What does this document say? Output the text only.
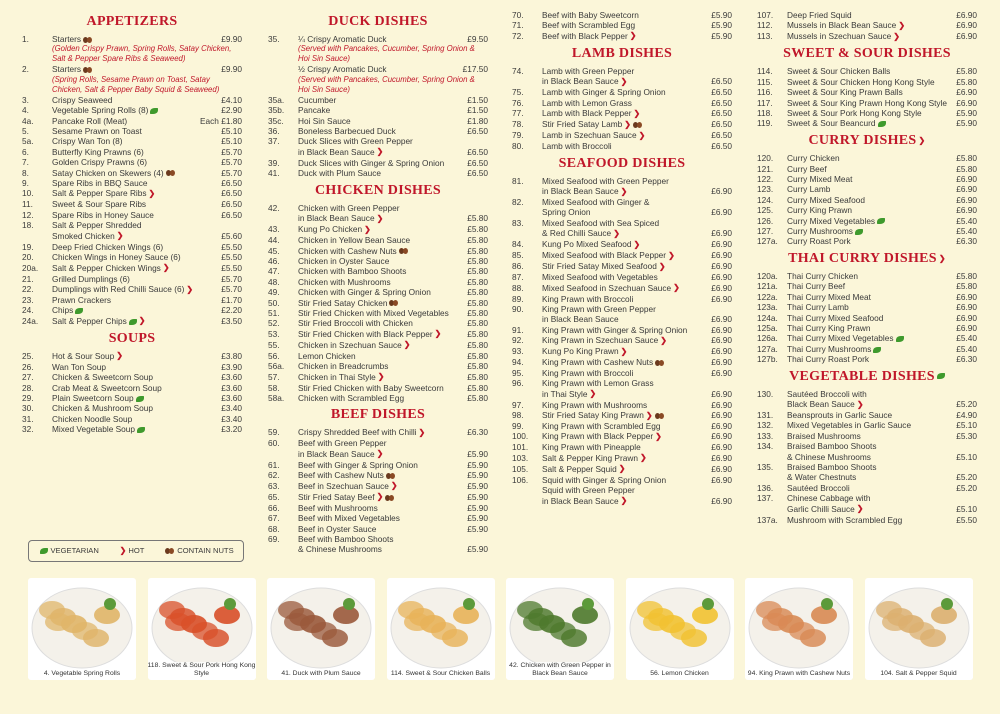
APPETIZERS
1.	Starters	£9.90
(Golden Crispy Prawn, Spring Rolls, Satay Chicken, Salt & Pepper Spare Ribs & Seaweed)
2.	Starters	£9.90
(Spring Rolls, Sesame Prawn on Toast, Satay Chicken, Salt & Pepper Baby Squid & Seaweed)
3.	Crispy Seaweed	£4.10
4.	Vegetable Spring Rolls (8)	£2.90
4a.	Pancake Roll (Meat)	Each £1.80
5.	Sesame Prawn on Toast	£5.10
5a.	Crispy Wan Ton (8)	£5.10
6.	Butterfly King Prawns (6)	£5.70
7.	Golden Crispy Prawns (6)	£5.70
8.	Satay Chicken on Skewers (4)	£5.70
9.	Spare Ribs in BBQ Sauce	£6.50
10.	Salt & Pepper Spare Ribs ❯	£6.50
11.	Sweet & Sour Spare Ribs	£6.50
12.	Spare Ribs in Honey Sauce	£6.50
18.	Salt & Pepper Shredded
Smoked Chicken ❯	£5.60
19.	Deep Fried Chicken Wings (6)	£5.50
20.	Chicken Wings in Honey Sauce (6)	£5.50
20a.	Salt & Pepper Chicken Wings ❯	£5.50
21.	Grilled Dumplings (6)	£5.70
22.	Dumplings with Red Chilli Sauce (6) ❯	£5.70
23.	Prawn Crackers	£1.70
24.	Chips	£2.20
24a.	Salt & Pepper Chips ❯	£3.50
SOUPS
25.	Hot & Sour Soup ❯	£3.80
26.	Wan Ton Soup	£3.90
27.	Chicken & Sweetcorn Soup	£3.60
28.	Crab Meat & Sweetcorn Soup	£3.60
29.	Plain Sweetcorn Soup	£3.60
30.	Chicken & Mushroom Soup	£3.40
31.	Chicken Noodle Soup	£3.40
32.	Mixed Vegetable Soup	£3.20
DUCK DISHES
35.	¼ Crispy Aromatic Duck	£9.50
(Served with Pancakes, Cucumber, Spring Onion & Hoi Sin Sauce)
½ Crispy Aromatic Duck	£17.50
(Served with Pancakes, Cucumber, Spring Onion & Hoi Sin Sauce)
35a.	Cucumber	£1.50
35b.	Pancake	£1.50
35c.	Hoi Sin Sauce	£1.80
36.	Boneless Barbecued Duck	£6.50
37.	Duck Slices with Green Pepper
in Black Bean Sauce ❯	£6.50
39.	Duck Slices with Ginger & Spring Onion	£6.50
41.	Duck with Plum Sauce	£6.50
CHICKEN DISHES
42.	Chicken with Green Pepper
in Black Bean Sauce ❯	£5.80
43.	Kung Po Chicken ❯	£5.80
44.	Chicken in Yellow Bean Sauce	£5.80
45.	Chicken with Cashew Nuts	£5.80
46.	Chicken in Oyster Sauce	£5.80
47.	Chicken with Bamboo Shoots	£5.80
48.	Chicken with Mushrooms	£5.80
49.	Chicken with Ginger & Spring Onion	£5.80
50.	Stir Fried Satay Chicken	£5.80
51.	Stir Fried Chicken with Mixed Vegetables £5.80
52.	Stir Fried Broccoli with Chicken	£5.80
53.	Stir Fried Chicken with Black Pepper ❯	£5.80
55.	Chicken in Szechuan Sauce ❯	£5.80
56.	Lemon Chicken	£5.80
56a.	Chicken in Breadcrumbs	£5.80
57.	Chicken in Thai Style ❯	£5.80
58.	Stir Fried Chicken with Baby Sweetcorn	£5.80
58a.	Chicken with Scrambled Egg	£5.80
BEEF DISHES
59.	Crispy Shredded Beef with Chilli ❯	£6.30
60.	Beef with Green Pepper
in Black Bean Sauce ❯	£5.90
61.	Beef with Ginger & Spring Onion	£5.90
62.	Beef with Cashew Nuts	£5.90
63.	Beef in Szechuan Sauce ❯	£5.90
65.	Stir Fried Satay Beef ❯	£5.90
66.	Beef with Mushrooms	£5.90
67.	Beef with Mixed Vegetables	£5.90
68.	Beef in Oyster Sauce	£5.90
69.	Beef with Bamboo Shoots
& Chinese Mushrooms	£5.90
70.	Beef with Baby Sweetcorn	£5.90
71.	Beef with Scrambled Egg	£5.90
72.	Beef with Black Pepper ❯	£5.90
LAMB DISHES
74.	Lamb with Green Pepper
in Black Bean Sauce ❯	£6.50
75.	Lamb with Ginger & Spring Onion	£6.50
76.	Lamb with Lemon Grass	£6.50
77.	Lamb with Black Pepper ❯	£6.50
78.	Stir Fried Satay Lamb ❯	£6.50
79.	Lamb in Szechuan Sauce ❯	£6.50
80.	Lamb with Broccoli	£6.50
SEAFOOD DISHES
81.	Mixed Seafood with Green Pepper
in Black Bean Sauce ❯	£6.90
82.	Mixed Seafood with Ginger &
Spring Onion	£6.90
83.	Mixed Seafood with Sea Spiced
& Red Chilli Sauce ❯	£6.90
84.	Kung Po Mixed Seafood ❯	£6.90
85.	Mixed Seafood with Black Pepper ❯	£6.90
86.	Stir Fried Satay Mixed Seafood ❯	£6.90
87.	Mixed Seafood with Vegetables	£6.90
88.	Mixed Seafood in Szechuan Sauce ❯	£6.90
89.	King Prawn with Broccoli	£6.90
90.	King Prawn with Green Pepper
in Black Bean Sauce	£6.90
91.	King Prawn with Ginger & Spring Onion	£6.90
92.	King Prawn in Szechuan Sauce ❯	£6.90
93.	Kung Po King Prawn ❯	£6.90
94.	King Prawn with Cashew Nuts	£6.90
95.	King Prawn with Broccoli	£6.90
96.	King Prawn with Lemon Grass
in Thai Style ❯	£6.90
97.	King Prawn with Mushrooms	£6.90
98.	Stir Fried Satay King Prawn ❯	£6.90
99.	King Prawn with Scrambled Egg	£6.90
100.	King Prawn with Black Pepper ❯	£6.90
101.	King Prawn with Pineapple	£6.90
103.	Salt & Pepper King Prawn ❯	£6.90
105.	Salt & Pepper Squid ❯	£6.90
106.	Squid with Ginger & Spring Onion	£6.90
Squid with Green Pepper
in Black Bean Sauce ❯	£6.90
107.	Deep Fried Squid	£6.90
112.	Mussels in Black Bean Sauce ❯	£6.90
113.	Mussels in Szechuan Sauce ❯	£6.90
SWEET & SOUR DISHES
114.	Sweet & Sour Chicken Balls	£5.80
115.	Sweet & Sour Chicken Hong Kong Style	£5.80
116.	Sweet & Sour King Prawn Balls	£6.90
117.	Sweet & Sour King Prawn Hong Kong Style £6.90
118.	Sweet & Sour Pork Hong Kong Style	£5.90
119.	Sweet & Sour Beancurd	£5.90
CURRY DISHES ❯
120.	Curry Chicken	£5.80
121.	Curry Beef	£5.80
122.	Curry Mixed Meat	£6.90
123.	Curry Lamb	£6.90
124.	Curry Mixed Seafood	£6.90
125.	Curry King Prawn	£6.90
126.	Curry Mixed Vegetables	£5.40
127.	Curry Mushrooms	£5.40
127a.	Curry Roast Pork	£6.30
THAI CURRY DISHES ❯
120a.	Thai Curry Chicken	£5.80
121a.	Thai Curry Beef	£5.80
122a.	Thai Curry Mixed Meat	£6.90
123a.	Thai Curry Lamb	£6.90
124a.	Thai Curry Mixed Seafood	£6.90
125a.	Thai Curry King Prawn	£6.90
126a.	Thai Curry Mixed Vegetables	£5.40
127a.	Thai Curry Mushrooms	£5.40
127b.	Thai Curry Roast Pork	£6.30
VEGETABLE DISHES
130.	Sautéed Broccoli with
Black Bean Sauce ❯	£5.20
131.	Beansprouts in Garlic Sauce	£4.90
132.	Mixed Vegetables in Garlic Sauce	£5.10
133.	Braised Mushrooms	£5.30
134.	Braised Bamboo Shoots
& Chinese Mushrooms	£5.10
135.	Braised Bamboo Shoots
& Water Chestnuts	£5.20
136.	Sautéed Broccoli	£5.20
137.	Chinese Cabbage with
Garlic Chilli Sauce ❯	£5.10
137a.	Mushroom with Scrambled Egg	£5.50
VEGETARIAN	❯ HOT	CONTAIN NUTS
4. Vegetable Spring Rolls
118. Sweet & Sour Pork Hong Kong Style	41. Duck with Plum Sauce	114. Sweet & Sour Chicken Balls
42. Chicken with Green Pepper in Black Bean Sauce	56. Lemon Chicken	94. King Prawn with Cashew Nuts	104. Salt & Pepper Squid
